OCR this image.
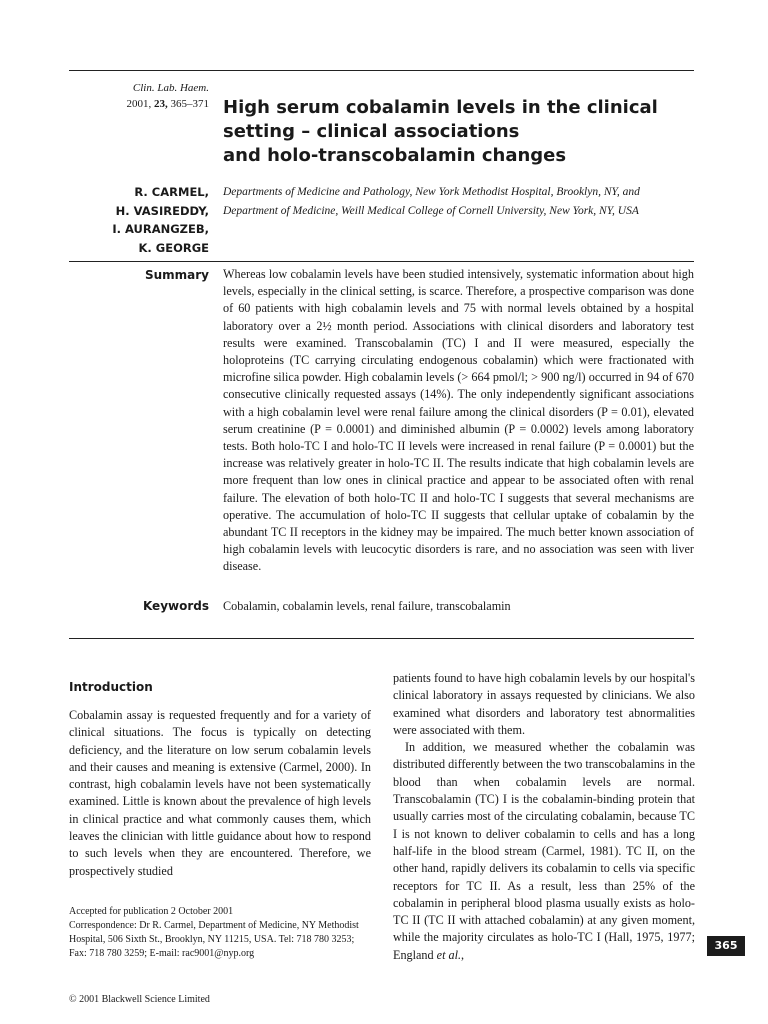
Clin. Lab. Haem.
2001, 23, 365–371 High serum cobalamin levels in the clinical
setting – clinical associations
and holo-transcobalamin changes
R. CARMEL,
H. VASIREDDY,
I. AURANGZEB,
K. GEORGE
Departments of Medicine and Pathology, New York Methodist Hospital, Brooklyn, NY, and
Department of Medicine, Weill Medical College of Cornell University, New York, NY, USA
Summary Whereas low cobalamin levels have been studied intensively, systematic information about high levels, especially in the clinical setting, is scarce. Therefore, a prospective comparison was done of 60 patients with high cobalamin levels and 75 with normal levels obtained by a hospital laboratory over a 2½ month period. Associations with clinical disorders and laboratory test results were examined. Transcobalamin (TC) I and II were measured, especially the holoproteins (TC carrying circulating endogenous cobalamin) which were fractionated with microfine silica powder. High cobalamin levels (> 664 pmol/l; > 900 ng/l) occurred in 94 of 670 consecutive clinically requested assays (14%). The only independently significant associations with a high cobalamin level were renal failure among the clinical disorders (P = 0.01), elevated serum creatinine (P = 0.0001) and diminished albumin (P = 0.0002) levels among laboratory tests. Both holo-TC I and holo-TC II levels were increased in renal failure (P = 0.0001) but the increase was relatively greater in holo-TC II. The results indicate that high cobalamin levels are more frequent than low ones in clinical practice and appear to be associated often with renal failure. The elevation of both holo-TC II and holo-TC I suggests that several mechanisms are operative. The accumulation of holo-TC II suggests that cellular uptake of cobalamin by the abundant TC II receptors in the kidney may be impaired. The much better known association of high cobalamin levels with leucocytic disorders is rare, and no association was seen with liver disease.

Keywords Cobalamin, cobalamin levels, renal failure, transcobalamin
Introduction

Cobalamin assay is requested frequently and for a variety of clinical situations. The focus is typically on detecting deficiency, and the literature on low serum cobalamin levels and their causes and meaning is extensive (Carmel, 2000). In contrast, high cobalamin levels have not been systematically examined. Little is known about the prevalence of high levels in clinical practice and what commonly causes them, which leaves the clinician with little guidance about how to respond to such levels when they are encountered. Therefore, we prospectively studied

patients found to have high cobalamin levels by our hospital's clinical laboratory in assays requested by clinicians. We also examined what disorders and laboratory test abnormalities were associated with them.

In addition, we measured whether the cobalamin was distributed differently between the two transcobalamins in the blood than when cobalamin levels are normal. Transcobalamin (TC) I is the cobalamin-binding protein that usually carries most of the circulating cobalamin, because TC I is not known to deliver cobalamin to cells and has a long half-life in the blood stream (Carmel, 1981). TC II, on the other hand, rapidly delivers its cobalamin to cells via specific receptors for TC II. As a result, less than 25% of the cobalamin in peripheral blood plasma usually exists as holo-TC II (TC II with attached cobalamin) at any given moment, while the majority circulates as holo-TC I (Hall, 1975, 1977; England et al.,

Accepted for publication 2 October 2001

Correspondence: Dr R. Carmel, Department of Medicine, NY Methodist Hospital, 506 Sixth St., Brooklyn, NY 11215, USA. Tel: 718 780 3253; Fax: 718 780 3259; E-mail: rac9001@nyp.org

© 2001 Blackwell Science Limited
365
